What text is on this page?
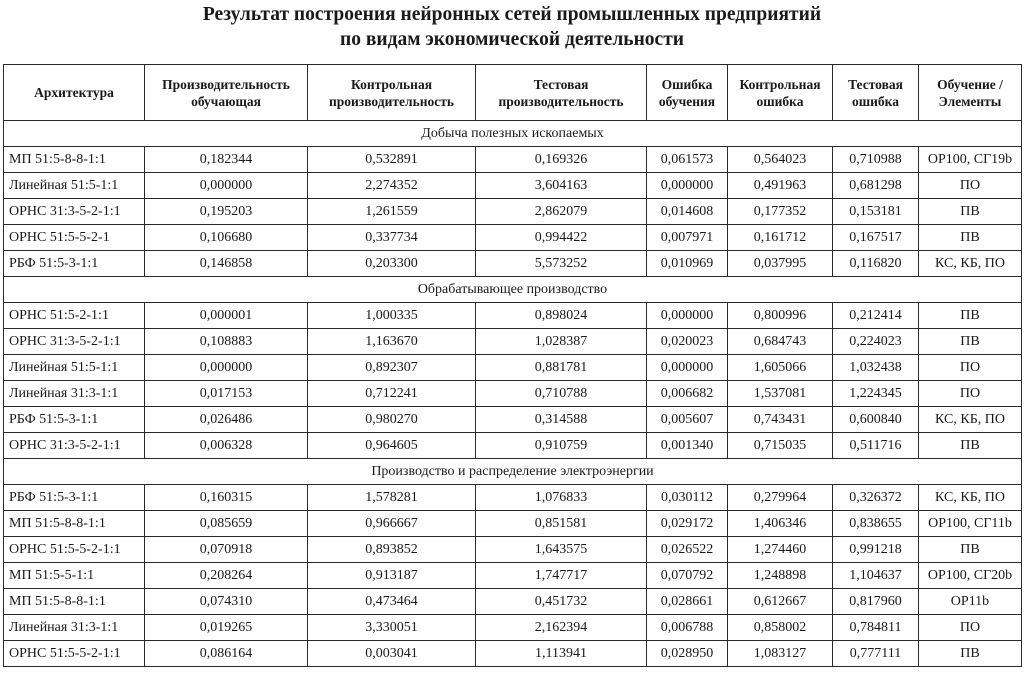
Результат построения нейронных сетей промышленных предприятий
по видам экономической деятельности
Архитектура	Производительность обучающая	Контрольная производительность	Тестовая производительность	Ошибка обучения	Контрольная ошибка	Тестовая ошибка	Обучение / Элементы
Добыча полезных ископаемых							
МП 51:5-8-8-1:1	0,182344	0,532891	0,169326	0,061573	0,564023	0,710988	ОР100, СГ19b
Линейная 51:5-1:1	0,000000	2,274352	3,604163	0,000000	0,491963	0,681298	ПО
ОРНС 31:3-5-2-1:1	0,195203	1,261559	2,862079	0,014608	0,177352	0,153181	ПВ
ОРНС 51:5-5-2-1	0,106680	0,337734	0,994422	0,007971	0,161712	0,167517	ПВ
РБФ 51:5-3-1:1	0,146858	0,203300	5,573252	0,010969	0,037995	0,116820	КС, КБ, ПО
Обрабатывающее производство							
ОРНС 51:5-2-1:1	0,000001	1,000335	0,898024	0,000000	0,800996	0,212414	ПВ
ОРНС 31:3-5-2-1:1	0,108883	1,163670	1,028387	0,020023	0,684743	0,224023	ПВ
Линейная 51:5-1:1	0,000000	0,892307	0,881781	0,000000	1,605066	1,032438	ПО
Линейная 31:3-1:1	0,017153	0,712241	0,710788	0,006682	1,537081	1,224345	ПО
РБФ 51:5-3-1:1	0,026486	0,980270	0,314588	0,005607	0,743431	0,600840	КС, КБ, ПО
ОРНС 31:3-5-2-1:1	0,006328	0,964605	0,910759	0,001340	0,715035	0,511716	ПВ
Производство и распределение электроэнергии							
РБФ 51:5-3-1:1	0,160315	1,578281	1,076833	0,030112	0,279964	0,326372	КС, КБ, ПО
МП 51:5-8-8-1:1	0,085659	0,966667	0,851581	0,029172	1,406346	0,838655	ОР100, СГ11b
ОРНС 51:5-5-2-1:1	0,070918	0,893852	1,643575	0,026522	1,274460	0,991218	ПВ
МП 51:5-5-1:1	0,208264	0,913187	1,747717	0,070792	1,248898	1,104637	ОР100, СГ20b
МП 51:5-8-8-1:1	0,074310	0,473464	0,451732	0,028661	0,612667	0,817960	ОР11b
Линейная 31:3-1:1	0,019265	3,330051	2,162394	0,006788	0,858002	0,784811	ПО
ОРНС 51:5-5-2-1:1	0,086164	0,003041	1,113941	0,028950	1,083127	0,777111	ПВ
